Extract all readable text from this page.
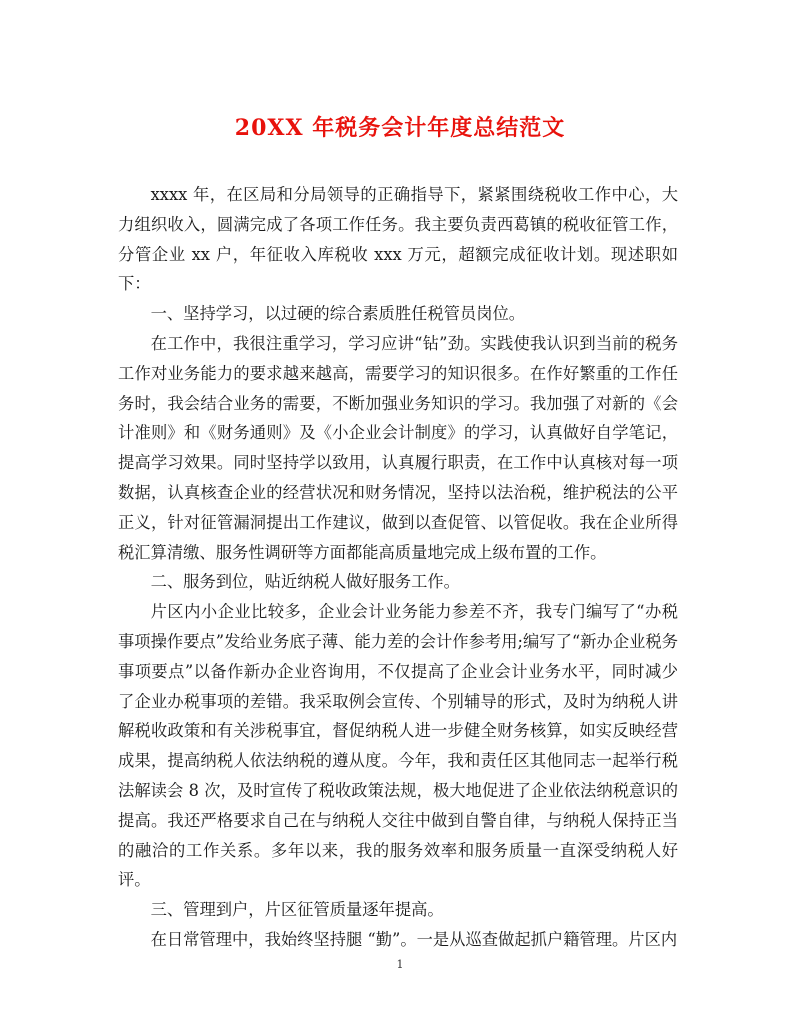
20XX 年税务会计年度总结范文

xxxx 年，在区局和分局领导的正确指导下，紧紧围绕税收工作中心，大力组织收入，圆满完成了各项工作任务。我主要负责西葛镇的税收征管工作，分管企业 xx 户，年征收入库税收 xxx 万元，超额完成征收计划。现述职如下：

一、坚持学习，以过硬的综合素质胜任税管员岗位。

在工作中，我很注重学习，学习应讲“钻”劲。实践使我认识到当前的税务工作对业务能力的要求越来越高，需要学习的知识很多。在作好繁重的工作任务时，我会结合业务的需要，不断加强业务知识的学习。我加强了对新的《会计准则》和《财务通则》及《小企业会计制度》的学习，认真做好自学笔记，提高学习效果。同时坚持学以致用，认真履行职责，在工作中认真核对每一项数据，认真核查企业的经营状况和财务情况，坚持以法治税，维护税法的公平正义，针对征管漏洞提出工作建议，做到以查促管、以管促收。我在企业所得税汇算清缴、服务性调研等方面都能高质量地完成上级布置的工作。

二、服务到位，贴近纳税人做好服务工作。

片区内小企业比较多，企业会计业务能力参差不齐，我专门编写了“办税事项操作要点”发给业务底子薄、能力差的会计作参考用;编写了“新办企业税务事项要点”以备作新办企业咨询用，不仅提高了企业会计业务水平，同时减少了企业办税事项的差错。我采取例会宣传、个别辅导的形式，及时为纳税人讲解税收政策和有关涉税事宜，督促纳税人进一步健全财务核算，如实反映经营成果，提高纳税人依法纳税的遵从度。今年，我和责任区其他同志一起举行税法解读会 8 次，及时宣传了税收政策法规，极大地促进了企业依法纳税意识的提高。我还严格要求自己在与纳税人交往中做到自警自律，与纳税人保持正当的融洽的工作关系。多年以来，我的服务效率和服务质量一直深受纳税人好评。

三、管理到户，片区征管质量逐年提高。

在日常管理中，我始终坚持腿 “勤”。一是从巡查做起抓户籍管理。片区内

1
